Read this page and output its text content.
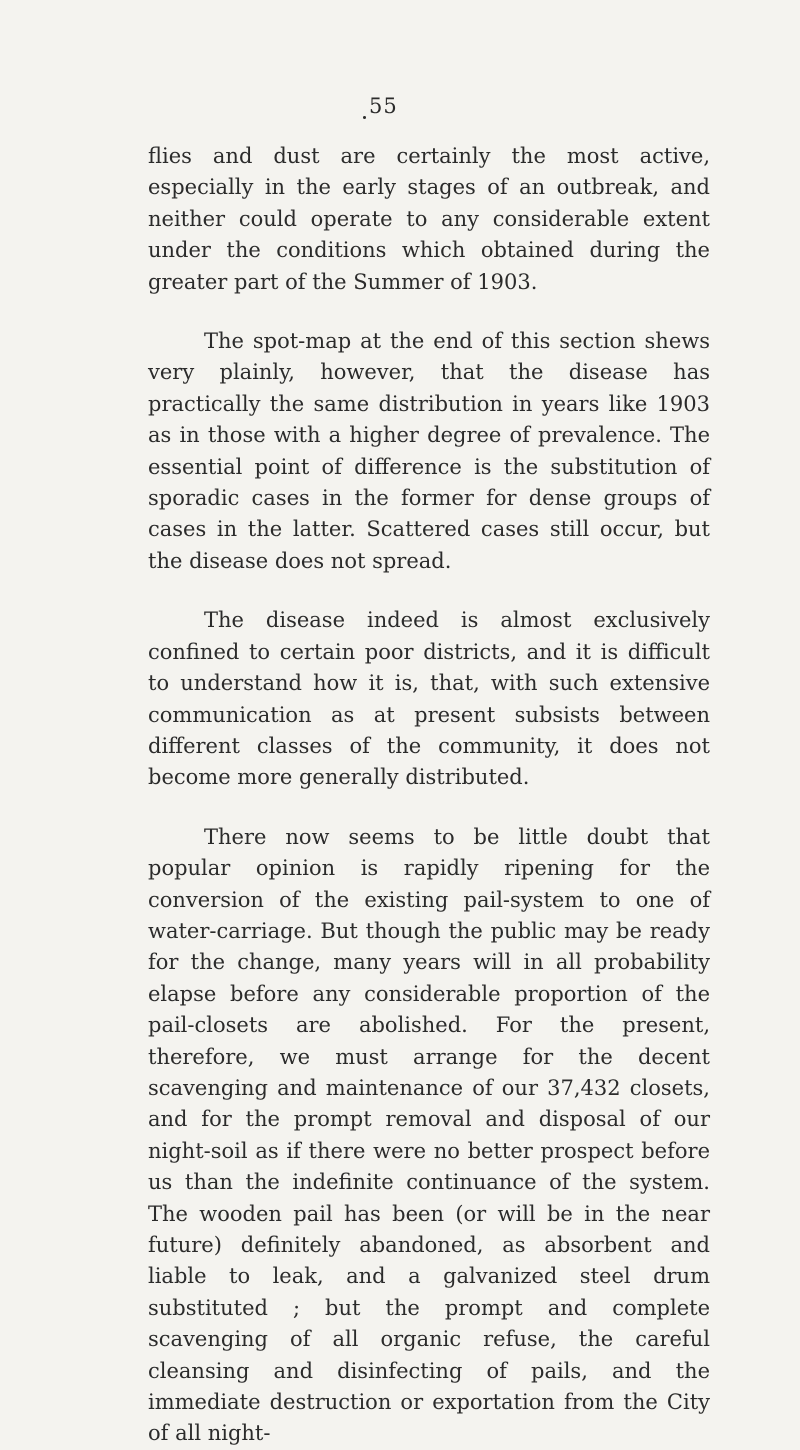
55

flies and dust are certainly the most active, especially in the early stages of an outbreak, and neither could operate to any considerable extent under the conditions which obtained during the greater part of the Summer of 1903.

The spot-map at the end of this section shews very plainly, however, that the disease has practically the same distribution in years like 1903 as in those with a higher degree of prevalence. The essential point of difference is the substitution of sporadic cases in the former for dense groups of cases in the latter. Scattered cases still occur, but the disease does not spread.

The disease indeed is almost exclusively confined to certain poor districts, and it is difficult to understand how it is, that, with such extensive communication as at present subsists between different classes of the community, it does not become more generally distributed.

There now seems to be little doubt that popular opinion is rapidly ripening for the conversion of the existing pail-system to one of water-carriage. But though the public may be ready for the change, many years will in all probability elapse before any considerable proportion of the pail-closets are abolished. For the present, therefore, we must arrange for the decent scavenging and maintenance of our 37,432 closets, and for the prompt removal and disposal of our night-soil as if there were no better prospect before us than the indefinite continuance of the system. The wooden pail has been (or will be in the near future) definitely abandoned, as absorbent and liable to leak, and a galvanized steel drum substituted ; but the prompt and complete scavenging of all organic refuse, the careful cleansing and disinfecting of pails, and the immediate destruction or exportation from the City of all night-
